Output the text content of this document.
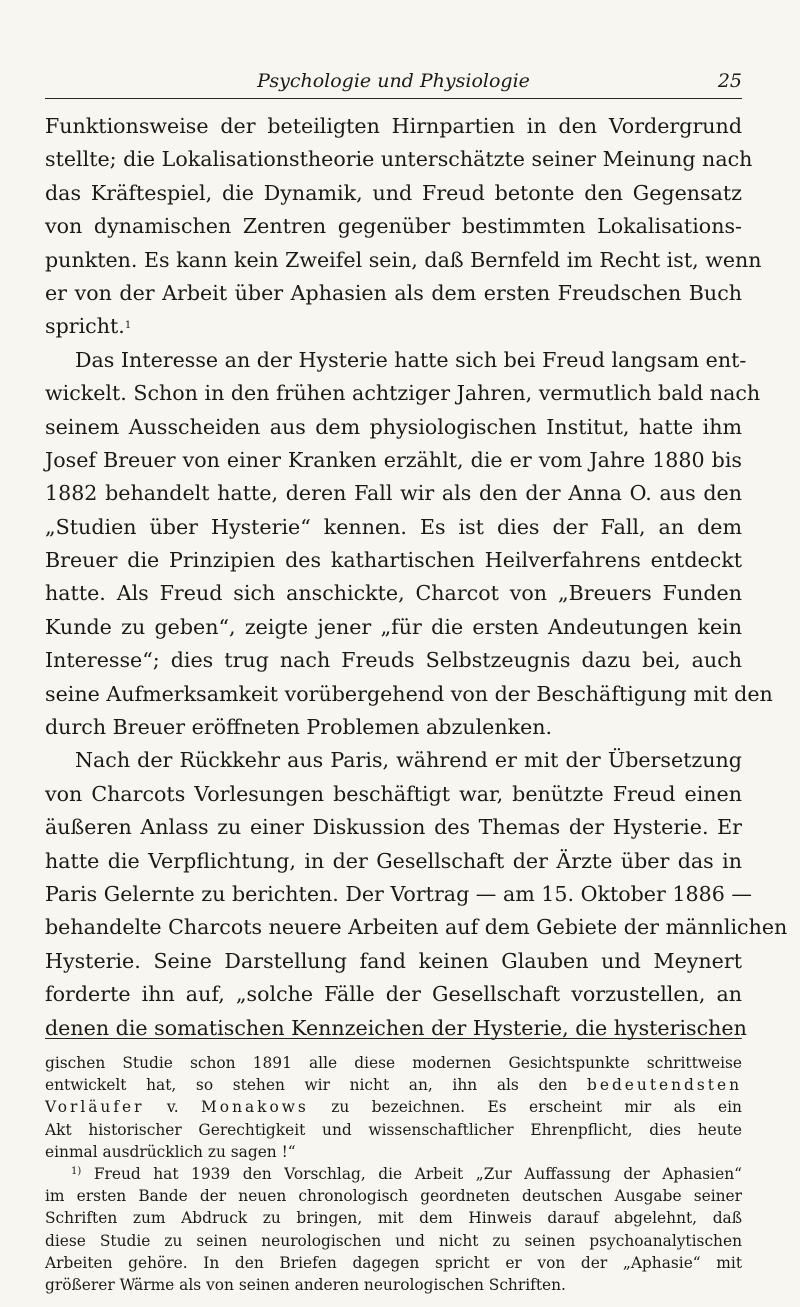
Psychologie und Physiologie	25
Funktionsweise der beteiligten Hirnpartien in den Vordergrund
stellte; die Lokalisationstheorie unterschätzte seiner Meinung nach
das Kräftespiel, die Dynamik, und Freud betonte den Gegensatz
von dynamischen Zentren gegenüber bestimmten Lokalisations-
punkten. Es kann kein Zweifel sein, daß Bernfeld im Recht ist, wenn
er von der Arbeit über Aphasien als dem ersten Freudschen Buch
spricht.$^1$
Das Interesse an der Hysterie hatte sich bei Freud langsam ent-
wickelt. Schon in den frühen achtziger Jahren, vermutlich bald nach
seinem Ausscheiden aus dem physiologischen Institut, hatte ihm
Josef Breuer von einer Kranken erzählt, die er vom Jahre 1880 bis
1882 behandelt hatte, deren Fall wir als den der Anna O. aus den
„Studien über Hysterie“ kennen. Es ist dies der Fall, an dem
Breuer die Prinzipien des kathartischen Heilverfahrens entdeckt
hatte. Als Freud sich anschickte, Charcot von „Breuers Funden
Kunde zu geben“, zeigte jener „für die ersten Andeutungen kein
Interesse“; dies trug nach Freuds Selbstzeugnis dazu bei, auch
seine Aufmerksamkeit vorübergehend von der Beschäftigung mit den
durch Breuer eröffneten Problemen abzulenken.
Nach der Rückkehr aus Paris, während er mit der Übersetzung
von Charcots Vorlesungen beschäftigt war, benützte Freud einen
äußeren Anlass zu einer Diskussion des Themas der Hysterie. Er
hatte die Verpflichtung, in der Gesellschaft der Ärzte über das in
Paris Gelernte zu berichten. Der Vortrag — am 15. Oktober 1886 —
behandelte Charcots neuere Arbeiten auf dem Gebiete der männlichen
Hysterie. Seine Darstellung fand keinen Glauben und Meynert
forderte ihn auf, „solche Fälle der Gesellschaft vorzustellen, an
denen die somatischen Kennzeichen der Hysterie, die hysterischen
gischen Studie schon 1891 alle diese modernen Gesichtspunkte schrittweise
entwickelt hat, so stehen wir nicht an, ihn als den bedeutendsten
Vorläufer v. Monakows zu bezeichnen. Es erscheint mir als ein
Akt historischer Gerechtigkeit und wissenschaftlicher Ehrenpflicht, dies heute
einmal ausdrücklich zu sagen !“
$^{1)}$ Freud hat 1939 den Vorschlag, die Arbeit „Zur Auffassung der Aphasien“
im ersten Bande der neuen chronologisch geordneten deutschen Ausgabe seiner
Schriften zum Abdruck zu bringen, mit dem Hinweis darauf abgelehnt, daß
diese Studie zu seinen neurologischen und nicht zu seinen psychoanalytischen
Arbeiten gehöre. In den Briefen dagegen spricht er von der „Aphasie“ mit
größerer Wärme als von seinen anderen neurologischen Schriften.
